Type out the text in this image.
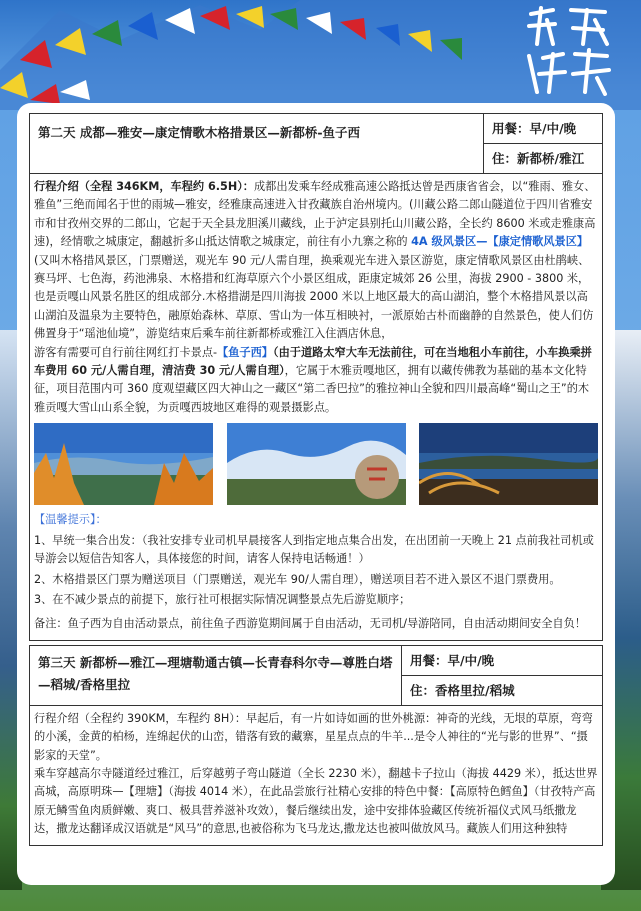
第二天 成都—雅安—康定情歌木格措景区—新都桥-鱼子西	用餐：早/中/晚
住：新都桥/雅江
行程介绍（全程 346KM，车程约 6.5H）：成都出发乘车经成雅高速公路抵达曾是西康省省会，以“雅雨、雅女、雅鱼”三绝而闻名于世的雨城—雅安，经雅康高速进入甘孜藏族自治州境内。(川藏公路二郎山隧道位于四川省雅安市和甘孜州交界的二郎山，它起于天全县龙胆溪川藏线，止于泸定县别托山川藏公路，全长约 8600 米或走雅康高速)，经情歌之城康定，翻越折多山抵达情歌之城康定，前往有小九寨之称的 4A 级风景区—【康定情歌风景区】(又叫木格措风景区，门票赠送，观光车 90 元/人需自理，换乘观光车进入景区游览，康定情歌风景区由杜鹃峡、赛马坪、七色海，药池沸泉、木格措和红海草原六个小景区组成，距康定城郊 26 公里，海拔 2900 - 3800 米，也是贡嘎山风景名胜区的组成部分.木格措湖是四川海拔 2000 米以上地区最大的高山湖泊，整个木格措风景以高山湖泊及温泉为主要特色，融原始森林、草原、雪山为一体互相映衬，一派原始古朴而幽静的自然景色，使人们仿佛置身于“瑶池仙境”，游览结束后乘车前往新都桥或雅江入住酒店休息，
游客有需要可自行前往网红打卡景点-【鱼子西】（由于道路太窄大车无法前往，可在当地租小车前往，小车换乘拼车费用 60 元/人需自理，清洁费 30 元/人需自理），它属于木雅贡嘎地区，拥有以藏传佛教为基础的基本文化特征，项目范围内可 360 度观望藏区四大神山之一藏区“第二香巴拉”的雅拉神山全貌和四川最高峰“蜀山之王”的木雅贡嘎大雪山山系全貌，为贡嘎西坡地区难得的观景摄影点。

【温馨提示】：

1、早统一集合出发：（我社安排专业司机早晨接客人到指定地点集合出发，在出团前一天晚上 21 点前我社司机或导游会以短信告知客人，具体接您的时间，请客人保持电话畅通！）

2、木格措景区门票为赠送项目（门票赠送，观光车 90/人需自理），赠送项目若不进入景区不退门票费用。

3、在不减少景点的前提下，旅行社可根据实际情况调整景点先后游览顺序；

备注：鱼子西为自由活动景点，前往鱼子西游览期间属于自由活动，无司机/导游陪同，自由活动期间安全自负！
第三天 新都桥—雅江—理塘勒通古镇—长青春科尔寺—尊胜白塔—稻城/香格里拉
用餐：早/中/晚
住：香格里拉/稻城
行程介绍（全程约 390KM，车程约 8H）：早起后，有一片如诗如画的世外桃源：神奇的光线，无垠的草原，弯弯的小溪，金黄的柏杨，连绵起伏的山峦，错落有致的藏寨，星星点点的牛羊...是令人神往的“光与影的世界”、“摄影家的天堂”。
乘车穿越高尔寺隧道经过雅江，后穿越剪子弯山隧道（全长 2230 米），翻越卡子拉山（海拔 4429 米），抵达世界高城，高原明珠—【理塘】（海拔 4014 米），在此品尝旅行社精心安排的特色中餐：【高原特色鳕鱼】（甘孜特产高原无鳞雪鱼肉质鲜嫩、爽口、极具营养滋补攻效），餐后继续出发，途中安排体验藏区传统祈福仪式风马纸撒龙达，撒龙达翻译成汉语就是“风马”的意思,也被俗称为飞马龙达,撒龙达也被叫做放风马。藏族人们用这种独特
